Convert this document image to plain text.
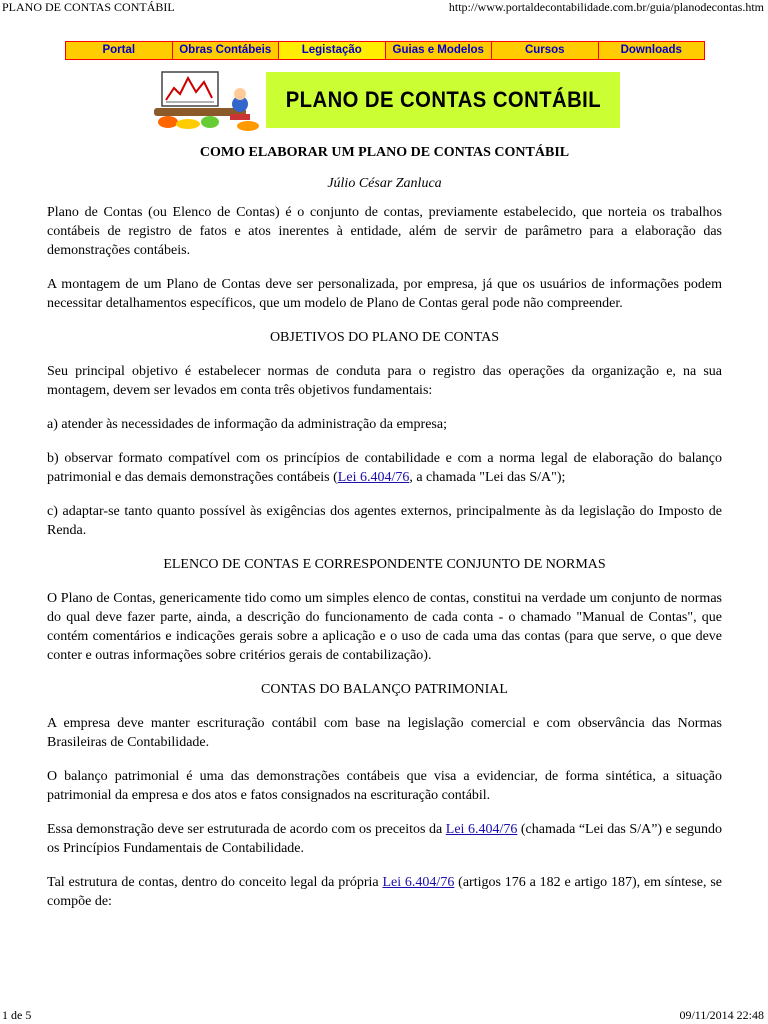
PLANO DE CONTAS CONTÁBIL	http://www.portaldecontabilidade.com.br/guia/planodecontas.htm
Portal	Obras Contábeis	Legistação	Guias e Modelos	Cursos	Downloads
PLANO DE CONTAS CONTÁBIL
COMO ELABORAR UM PLANO DE CONTAS CONTÁBIL
Júlio César Zanluca

Plano de Contas (ou Elenco de Contas) é o conjunto de contas, previamente estabelecido, que norteia os trabalhos contábeis de registro de fatos e atos inerentes à entidade, além de servir de parâmetro para a elaboração das demonstrações contábeis.

A montagem de um Plano de Contas deve ser personalizada, por empresa, já que os usuários de informações podem necessitar detalhamentos específicos, que um modelo de Plano de Contas geral pode não compreender.

OBJETIVOS DO PLANO DE CONTAS

Seu principal objetivo é estabelecer normas de conduta para o registro das operações da organização e, na sua montagem, devem ser levados em conta três objetivos fundamentais:

a) atender às necessidades de informação da administração da empresa;

b) observar formato compatível com os princípios de contabilidade e com a norma legal de elaboração do balanço patrimonial e das demais demonstrações contábeis (Lei 6.404/76, a chamada "Lei das S/A");

c) adaptar-se tanto quanto possível às exigências dos agentes externos, principalmente às da legislação do Imposto de Renda.

ELENCO DE CONTAS E CORRESPONDENTE CONJUNTO DE NORMAS

O Plano de Contas, genericamente tido como um simples elenco de contas, constitui na verdade um conjunto de normas do qual deve fazer parte, ainda, a descrição do funcionamento de cada conta - o chamado "Manual de Contas", que contém comentários e indicações gerais sobre a aplicação e o uso de cada uma das contas (para que serve, o que deve conter e outras informações sobre critérios gerais de contabilização).

CONTAS DO BALANÇO PATRIMONIAL

A empresa deve manter escrituração contábil com base na legislação comercial e com observância das Normas Brasileiras de Contabilidade.

O balanço patrimonial é uma das demonstrações contábeis que visa a evidenciar, de forma sintética, a situação patrimonial da empresa e dos atos e fatos consignados na escrituração contábil.

Essa demonstração deve ser estruturada de acordo com os preceitos da Lei 6.404/76 (chamada “Lei das S/A”) e segundo os Princípios Fundamentais de Contabilidade.

Tal estrutura de contas, dentro do conceito legal da própria Lei 6.404/76 (artigos 176 a 182 e artigo 187), em síntese, se compõe de:

1 de 5	09/11/2014 22:48
